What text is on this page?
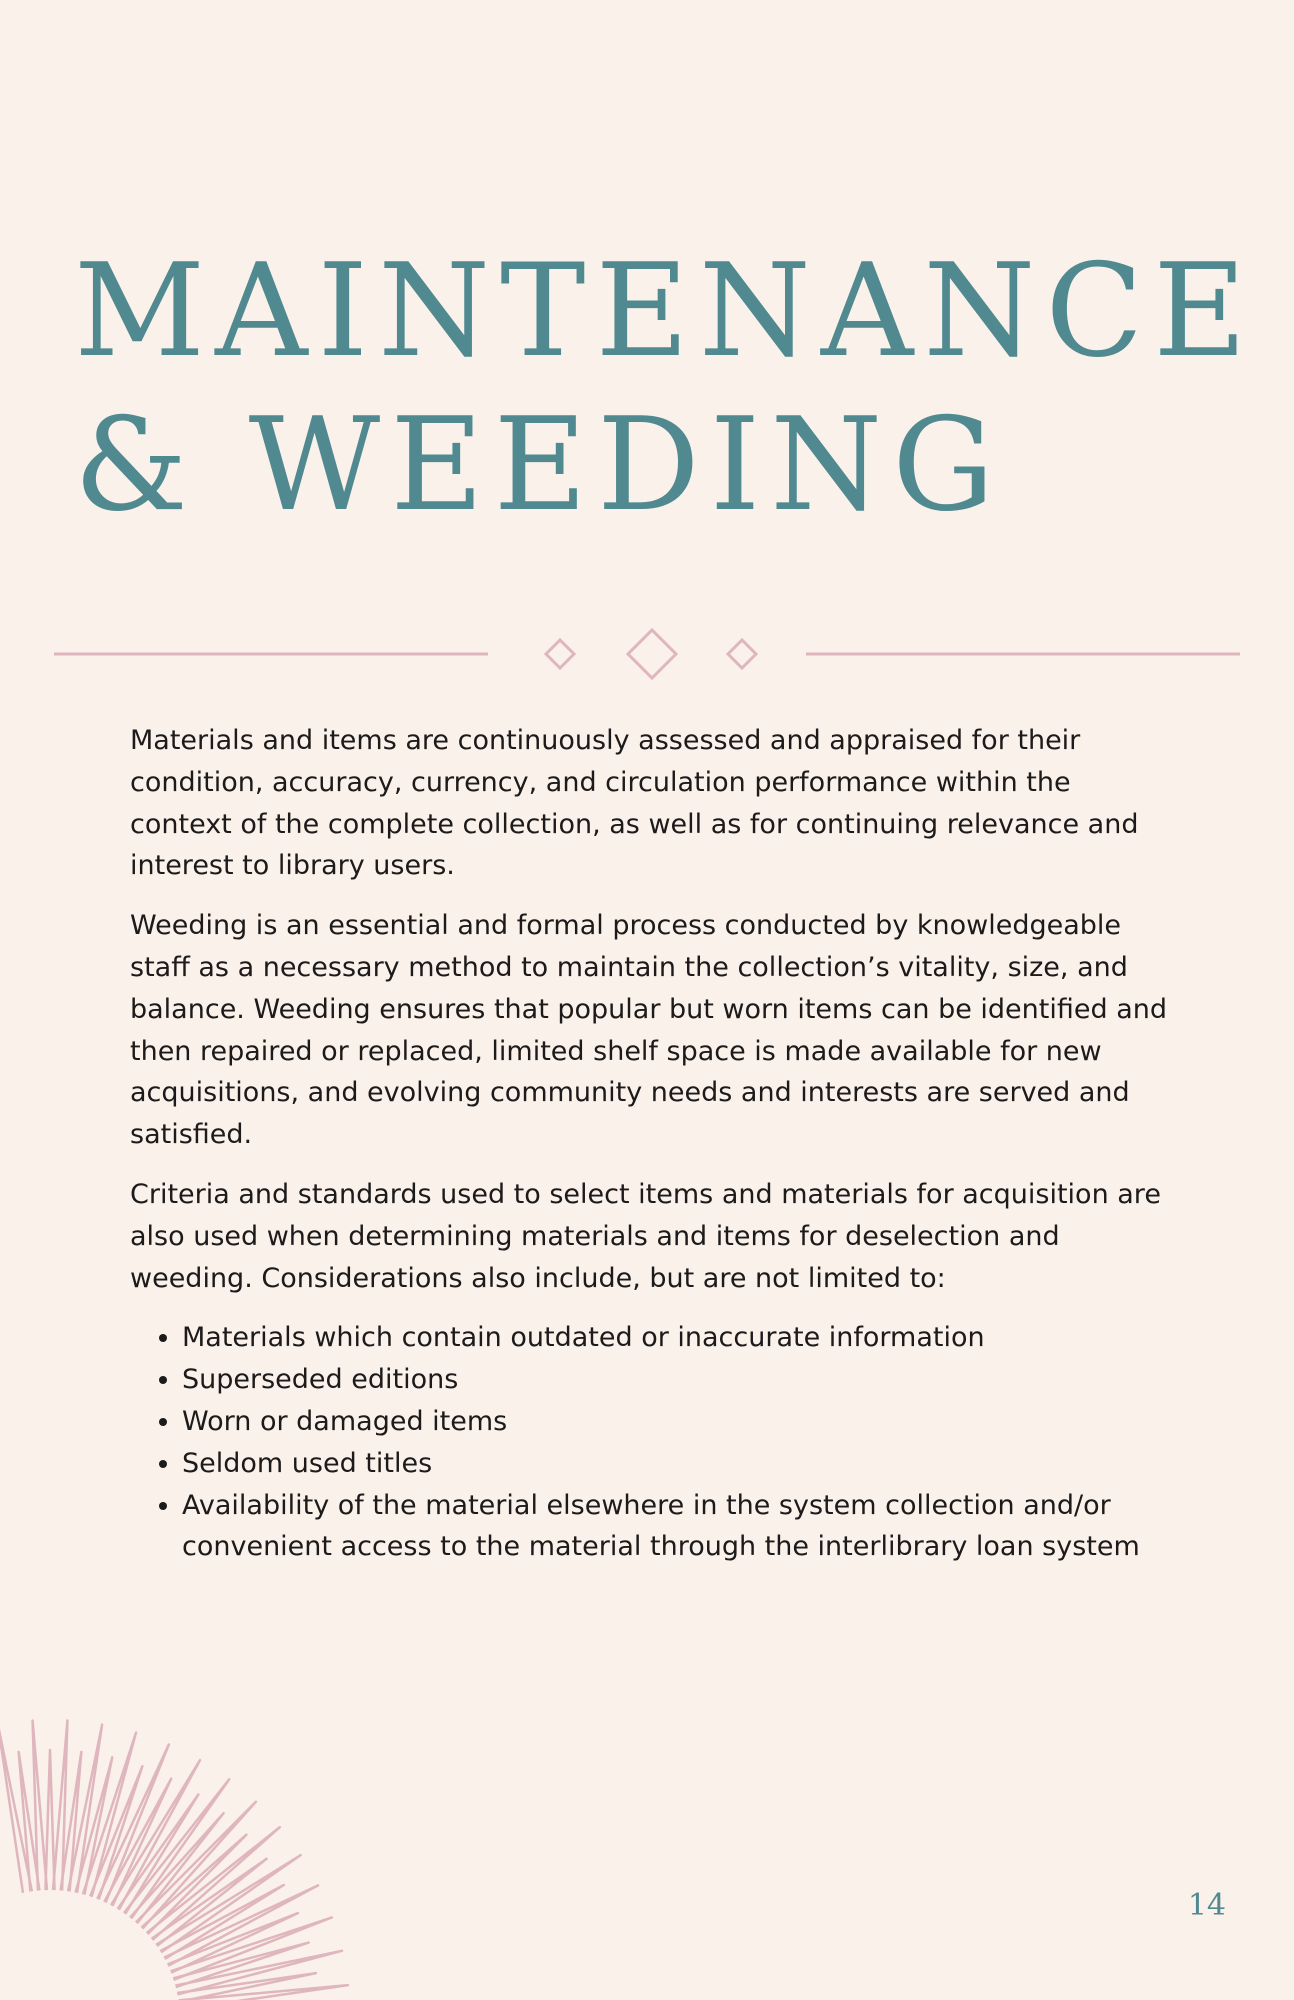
MAINTENANCE
& WEEDING

Materials and items are continuously assessed and appraised for their condition, accuracy, currency, and circulation performance within the context of the complete collection, as well as for continuing relevance and interest to library users.

Weeding is an essential and formal process conducted by knowledgeable staff as a necessary method to maintain the collection’s vitality, size, and balance. Weeding ensures that popular but worn items can be identified and then repaired or replaced, limited shelf space is made available for new acquisitions, and evolving community needs and interests are served and satisfied.

Criteria and standards used to select items and materials for acquisition are also used when determining materials and items for deselection and weeding. Considerations also include, but are not limited to:

• Materials which contain outdated or inaccurate information
• Superseded editions
• Worn or damaged items
• Seldom used titles
• Availability of the material elsewhere in the system collection and/or convenient access to the material through the interlibrary loan system
14
